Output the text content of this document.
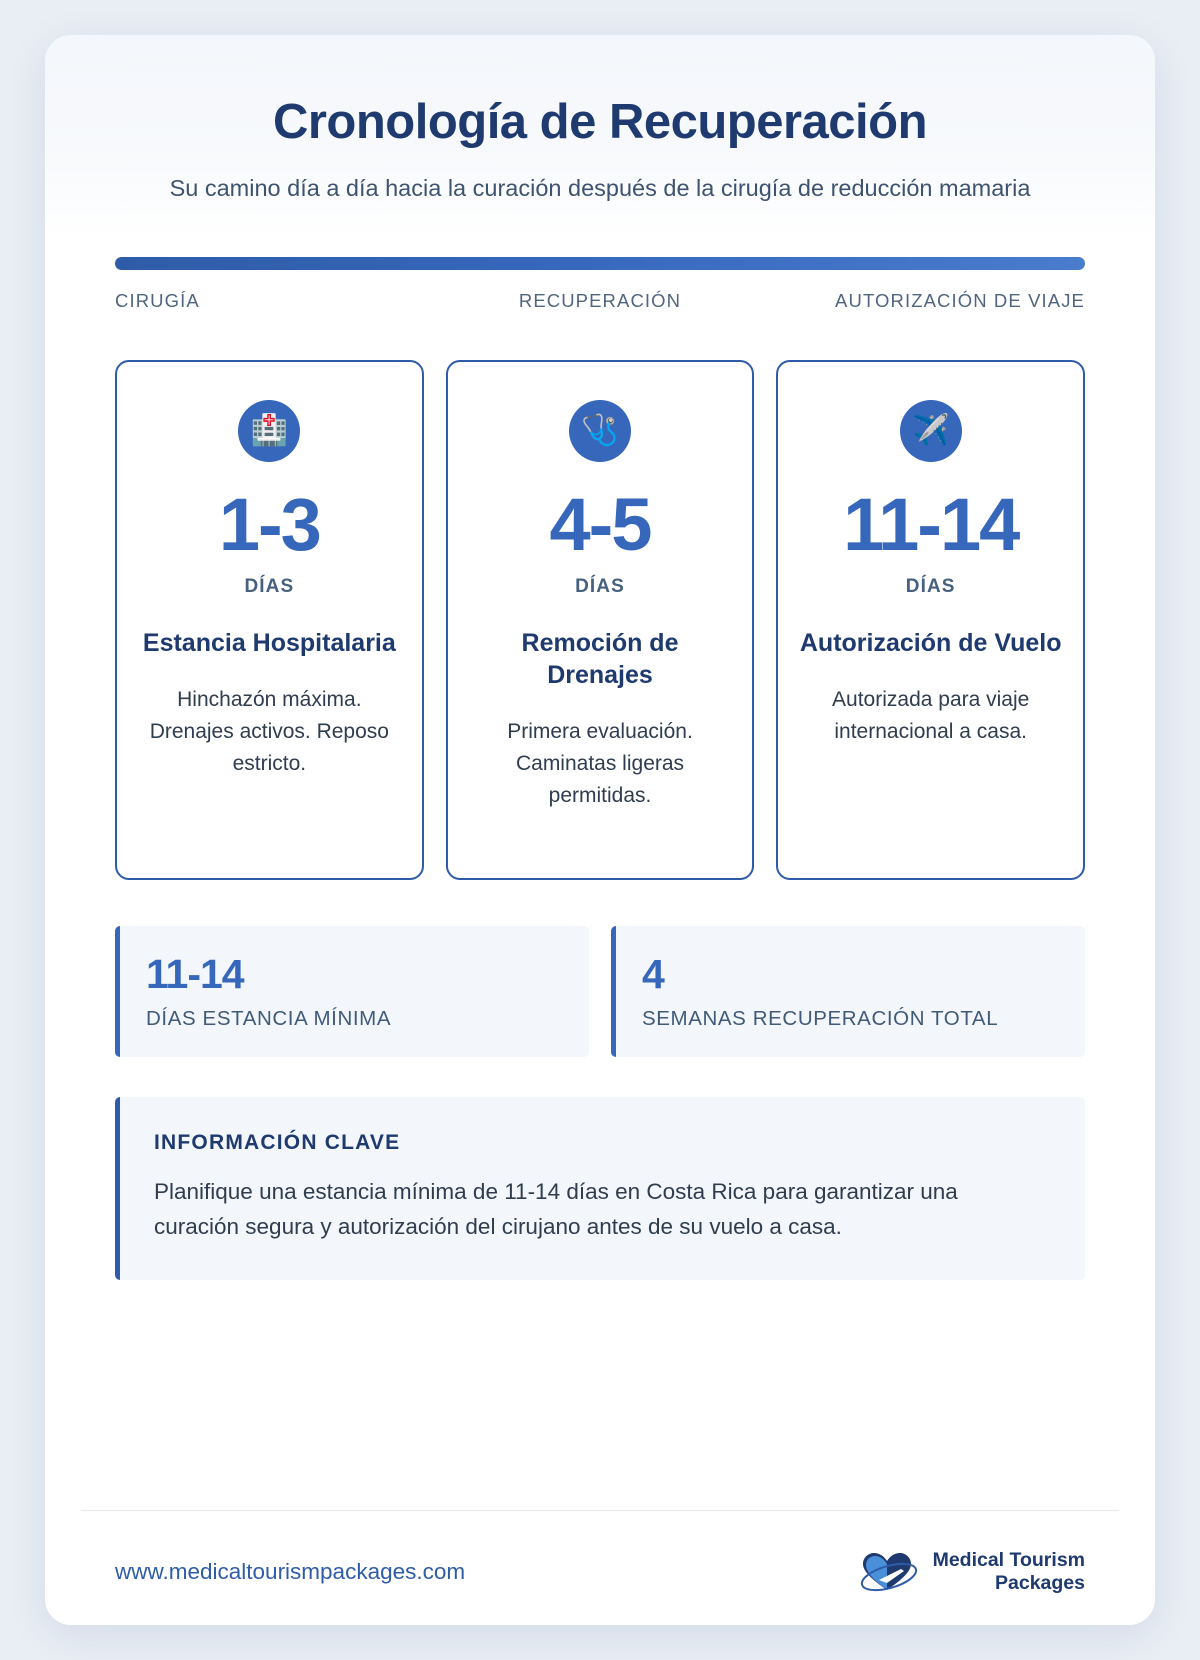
Cronología de Recuperación
Su camino día a día hacia la curación después de la cirugía de reducción mamaria
CIRUGÍA	RECUPERACIÓN	AUTORIZACIÓN DE VIAJE
🏥
1-3
DÍAS
Estancia Hospitalaria
Hinchazón máxima. Drenajes activos. Reposo estricto.
🩺
4-5
DÍAS
Remoción de Drenajes
Primera evaluación. Caminatas ligeras permitidas.
✈️
11-14
DÍAS
Autorización de Vuelo
Autorizada para viaje internacional a casa.
11-14
DÍAS ESTANCIA MÍNIMA
4
SEMANAS RECUPERACIÓN TOTAL
INFORMACIÓN CLAVE
Planifique una estancia mínima de 11-14 días en Costa Rica para garantizar una curación segura y autorización del cirujano antes de su vuelo a casa.
www.medicaltourismpackages.com	Medical Tourism
Packages
